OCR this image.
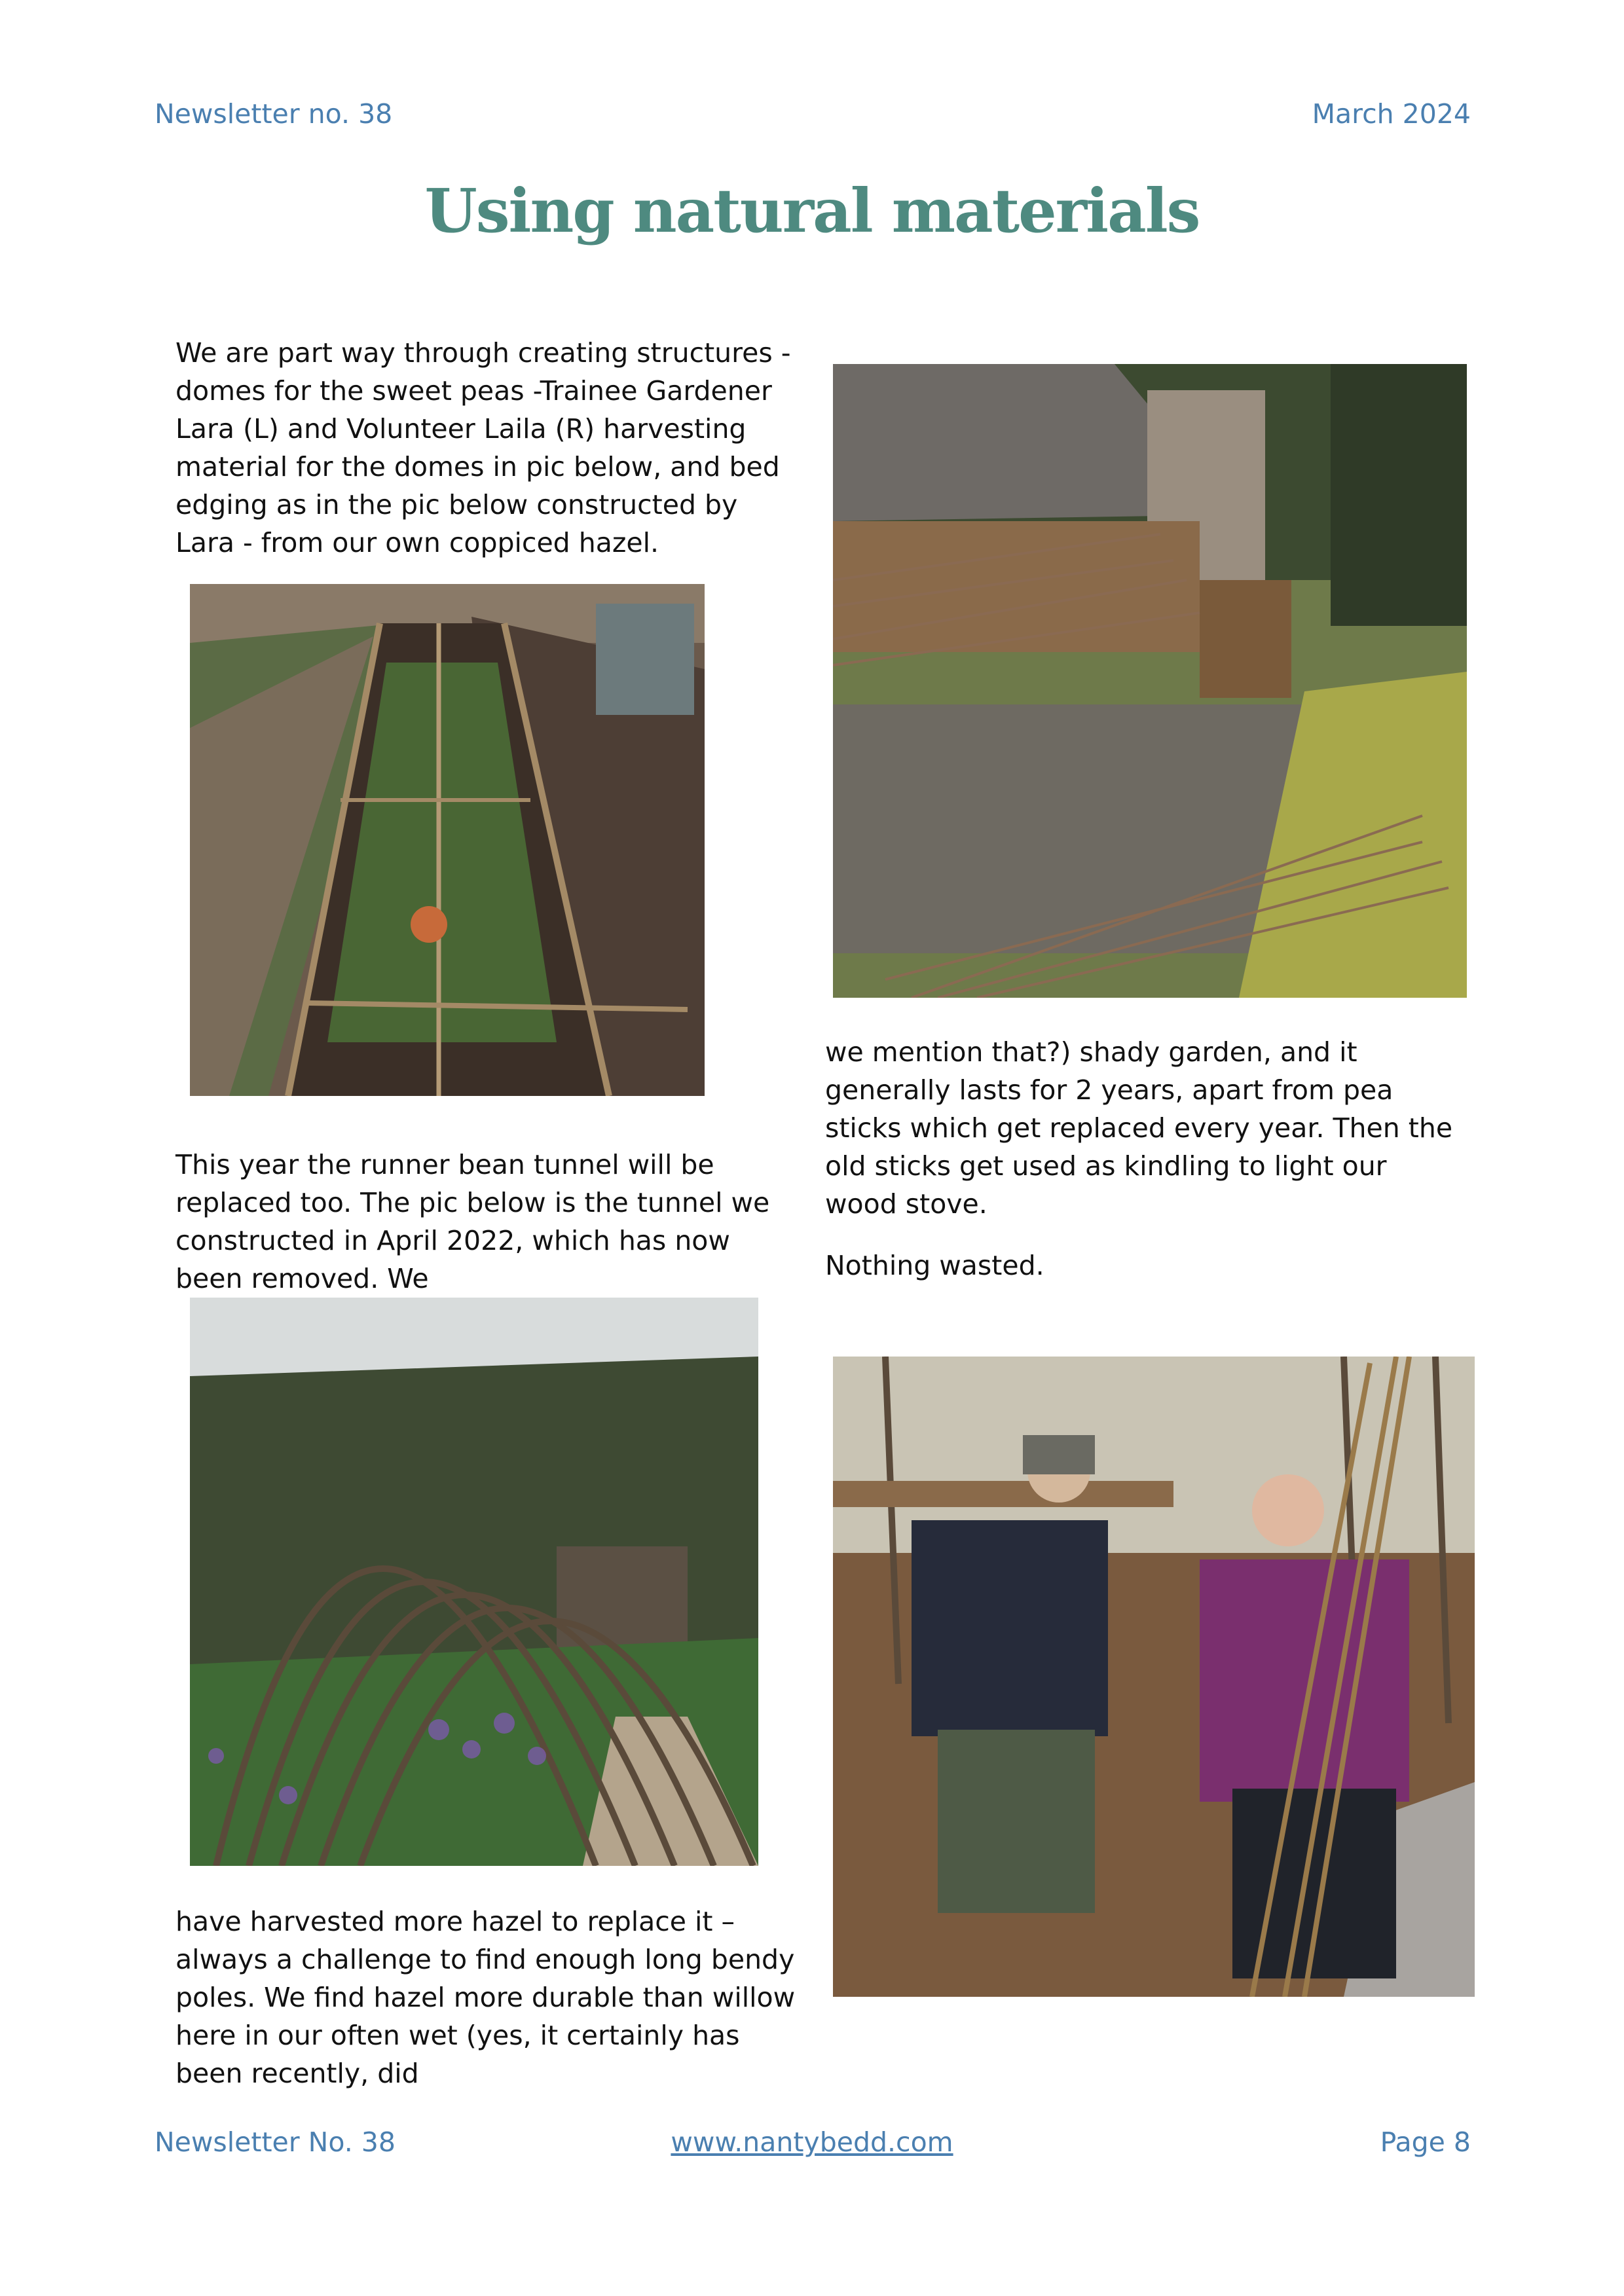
Newsletter no. 38	March 2024
Using natural materials

We are part way through creating structures - domes for the sweet peas -Trainee Gardener Lara (L) and Volunteer Laila (R) harvesting material for the domes in pic below, and bed edging as in the pic below constructed by Lara - from our own coppiced hazel.

This year the runner bean tunnel will be replaced too. The pic below is the tunnel we constructed in April 2022, which has now been removed. We

have harvested more hazel to replace it – always a challenge to find enough long bendy poles. We find hazel more durable than willow here in our often wet (yes, it certainly has been recently, did

we mention that?) shady garden, and it generally lasts for 2 years, apart from pea sticks which get replaced every year. Then the old sticks get used as kindling to light our wood stove.

Nothing wasted.

Newsletter No. 38	www.nantybedd.com	Page 8
